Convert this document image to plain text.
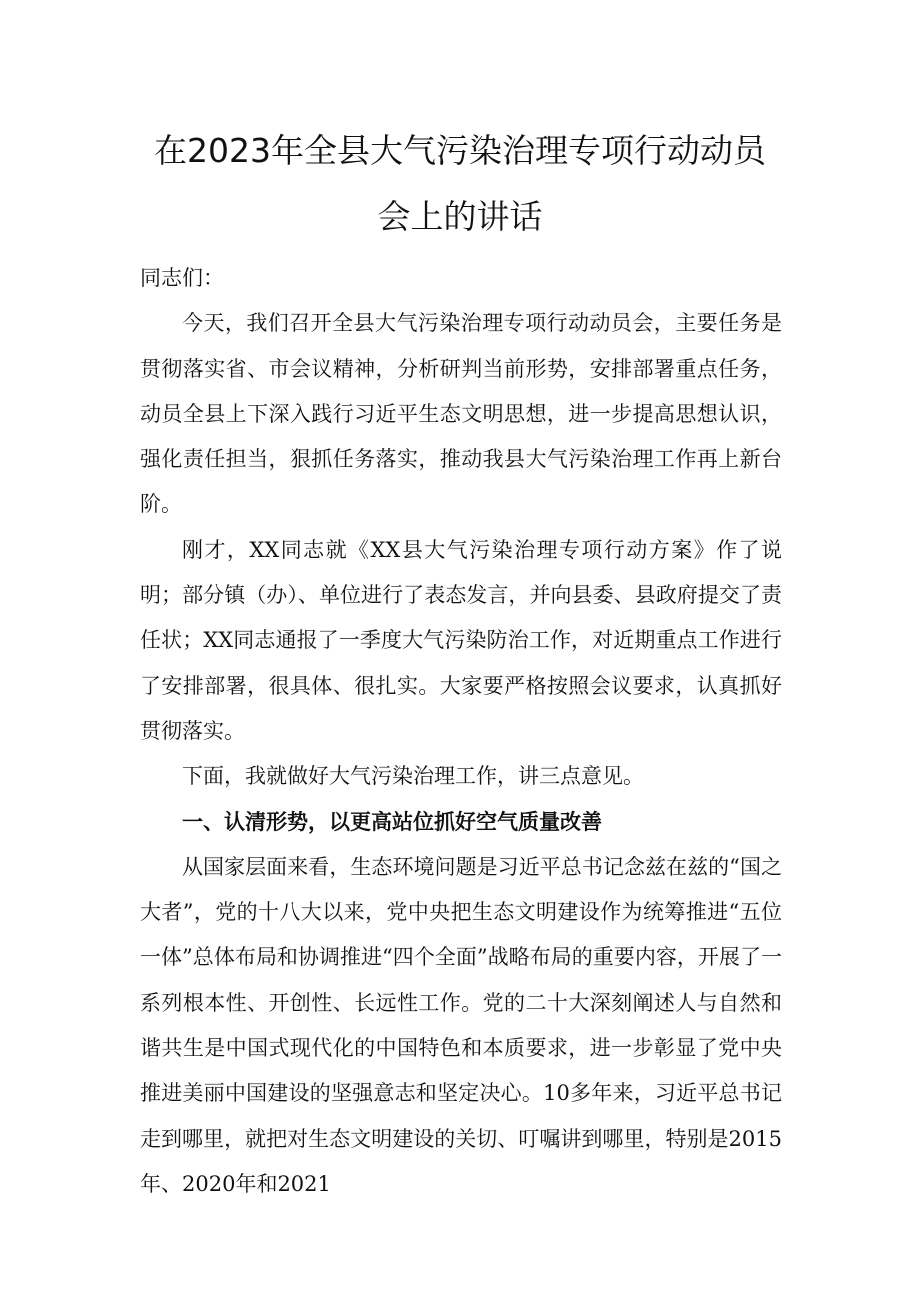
在2023年全县大气污染治理专项行动动员
会上的讲话

同志们：

今天，我们召开全县大气污染治理专项行动动员会，主要任务是贯彻落实省、市会议精神，分析研判当前形势，安排部署重点任务，动员全县上下深入践行习近平生态文明思想，进一步提高思想认识，强化责任担当，狠抓任务落实，推动我县大气污染治理工作再上新台阶。

刚才，XX同志就《XX县大气污染治理专项行动方案》作了说明；部分镇（办）、单位进行了表态发言，并向县委、县政府提交了责任状；XX同志通报了一季度大气污染防治工作，对近期重点工作进行了安排部署，很具体、很扎实。大家要严格按照会议要求，认真抓好贯彻落实。

下面，我就做好大气污染治理工作，讲三点意见。

一、认清形势，以更高站位抓好空气质量改善

从国家层面来看，生态环境问题是习近平总书记念兹在兹的“国之大者”，党的十八大以来，党中央把生态文明建设作为统筹推进“五位一体”总体布局和协调推进“四个全面”战略布局的重要内容，开展了一系列根本性、开创性、长远性工作。党的二十大深刻阐述人与自然和谐共生是中国式现代化的中国特色和本质要求，进一步彰显了党中央推进美丽中国建设的坚强意志和坚定决心。10多年来，习近平总书记走到哪里，就把对生态文明建设的关切、叮嘱讲到哪里，特别是2015年、2020年和2021
